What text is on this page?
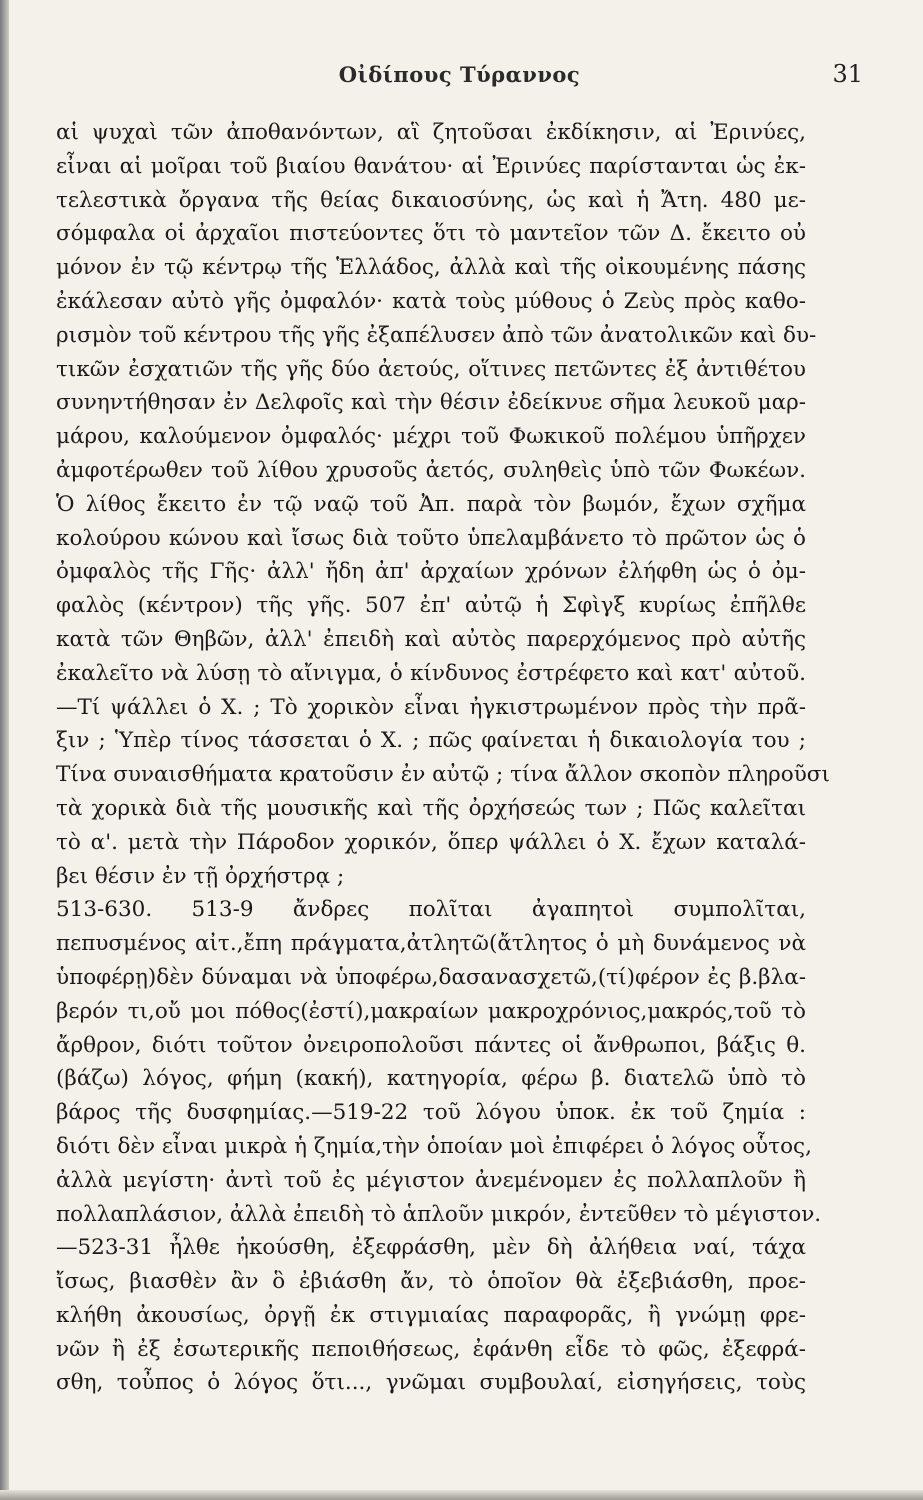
Οἰδίπους Τύραννος	31
αἱ ψυχαὶ τῶν ἀποθανόντων, αἳ ζητοῦσαι ἐκδίκησιν, αἱ Ἐρινύες,
εἶναι αἱ μοῖραι τοῦ βιαίου θανάτου· αἱ Ἐρινύες παρίστανται ὡς ἐκ-
τελεστικὰ ὄργανα τῆς θείας δικαιοσύνης, ὡς καὶ ἡ Ἄτη. 480 με-
σόμφαλα οἱ ἀρχαῖοι πιστεύοντες ὅτι τὸ μαντεῖον τῶν Δ. ἔκειτο οὐ
μόνον ἐν τῷ κέντρῳ τῆς Ἑλλάδος, ἀλλὰ καὶ τῆς οἰκουμένης πάσης
ἐκάλεσαν αὐτὸ γῆς ὀμφαλόν· κατὰ τοὺς μύθους ὁ Ζεὺς πρὸς καθο-
ρισμὸν τοῦ κέντρου τῆς γῆς ἐξαπέλυσεν ἀπὸ τῶν ἀνατολικῶν καὶ δυ-
τικῶν ἐσχατιῶν τῆς γῆς δύο ἀετούς, οἵτινες πετῶντες ἐξ ἀντιθέτου
συνηντήθησαν ἐν Δελφοῖς καὶ τὴν θέσιν ἐδείκνυε σῆμα λευκοῦ μαρ-
μάρου, καλούμενον ὀμφαλός· μέχρι τοῦ Φωκικοῦ πολέμου ὑπῆρχεν
ἀμφοτέρωθεν τοῦ λίθου χρυσοῦς ἀετός, συληθεὶς ὑπὸ τῶν Φωκέων.
Ὁ λίθος ἔκειτο ἐν τῷ ναῷ τοῦ Ἀπ. παρὰ τὸν βωμόν, ἔχων σχῆμα
κολούρου κώνου καὶ ἴσως διὰ τοῦτο ὑπελαμβάνετο τὸ πρῶτον ὡς ὁ
ὀμφαλὸς τῆς Γῆς· ἀλλ' ἤδη ἀπ' ἀρχαίων χρόνων ἐλήφθη ὡς ὁ ὀμ-
φαλὸς (κέντρον) τῆς γῆς. 507 ἐπ' αὐτῷ ἡ Σφὶγξ κυρίως ἐπῆλθε
κατὰ τῶν Θηβῶν, ἀλλ' ἐπειδὴ καὶ αὐτὸς παρερχόμενος πρὸ αὐτῆς
ἐκαλεῖτο νὰ λύσῃ τὸ αἴνιγμα, ὁ κίνδυνος ἐστρέφετο καὶ κατ' αὐτοῦ.
—Τί ψάλλει ὁ Χ. ; Τὸ χορικὸν εἶναι ἠγκιστρωμένον πρὸς τὴν πρᾶ-
ξιν ; Ὑπὲρ τίνος τάσσεται ὁ Χ. ; πῶς φαίνεται ἡ δικαιολογία του ;
Τίνα συναισθήματα κρατοῦσιν ἐν αὐτῷ ; τίνα ἄλλον σκοπὸν πληροῦσι
τὰ χορικὰ διὰ τῆς μουσικῆς καὶ τῆς ὀρχήσεώς των ; Πῶς καλεῖται
τὸ α'. μετὰ τὴν Πάροδον χορικόν, ὅπερ ψάλλει ὁ Χ. ἔχων καταλά-
βει θέσιν ἐν τῇ ὀρχήστρᾳ ;
513-630. 513-9 ἄνδρες πολῖται ἀγαπητοὶ συμπολῖται,
πεπυσμένος αἰτ.,ἔπη πράγματα,ἀτλητῶ(ἄτλητος ὁ μὴ δυνάμενος νὰ
ὑποφέρῃ)δὲν δύναμαι νὰ ὑποφέρω,δασανασχετῶ,(τί)φέρον ἐς β.βλα-
βερόν τι,οὔ μοι πόθος(ἐστί),μακραίων μακροχρόνιος,μακρός,τοῦ τὸ
ἄρθρον, διότι τοῦτον ὀνειροπολοῦσι πάντες οἱ ἄνθρωποι, βάξις θ.
(βάζω) λόγος, φήμη (κακή), κατηγορία, φέρω β. διατελῶ ὑπὸ τὸ
βάρος τῆς δυσφημίας.—519-22 τοῦ λόγου ὑποκ. ἐκ τοῦ ζημία :
διότι δὲν εἶναι μικρὰ ἡ ζημία,τὴν ὁποίαν μοὶ ἐπιφέρει ὁ λόγος οὗτος,
ἀλλὰ μεγίστη· ἀντὶ τοῦ ἐς μέγιστον ἀνεμένομεν ἐς πολλαπλοῦν ἢ
πολλαπλάσιον, ἀλλὰ ἐπειδὴ τὸ ἁπλοῦν μικρόν, ἐντεῦθεν τὸ μέγιστον.
—523-31 ἦλθε ἠκούσθη, ἐξεφράσθη, μὲν δὴ ἀλήθεια ναί, τάχα
ἴσως, βιασθὲν ἂν ὃ ἐβιάσθη ἄν, τὸ ὁποῖον θὰ ἐξεβιάσθη, προε-
κλήθη ἀκουσίως, ὀργῇ ἐκ στιγμιαίας παραφορᾶς, ἢ γνώμῃ φρε-
νῶν ἢ ἐξ ἐσωτερικῆς πεποιθήσεως, ἐφάνθη εἶδε τὸ φῶς, ἐξεφρά-
σθη, τοὖπος ὁ λόγος ὅτι..., γνῶμαι συμβουλαί, εἰσηγήσεις, τοὺς
